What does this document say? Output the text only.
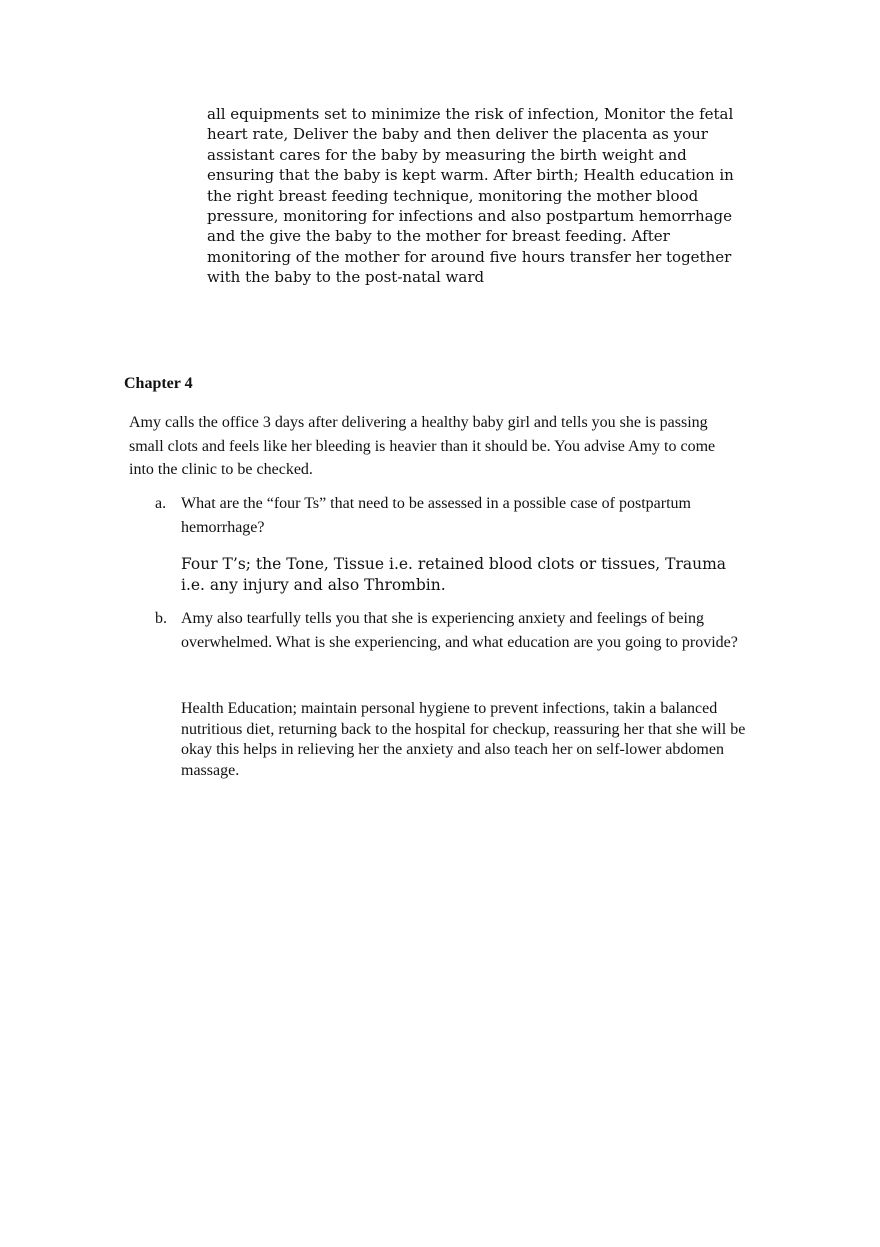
all equipments set to minimize the risk of infection, Monitor the fetal heart rate, Deliver the baby and then deliver the placenta as your assistant cares for the baby by measuring the birth weight and ensuring that the baby is kept warm. After birth; Health education in the right breast feeding technique, monitoring the mother blood pressure, monitoring for infections and also postpartum hemorrhage and the give the baby to the mother for breast feeding. After monitoring of the mother for around five hours transfer her together with the baby to the post-natal ward

Chapter 4

Amy calls the office 3 days after delivering a healthy baby girl and tells you she is passing small clots and feels like her bleeding is heavier than it should be. You advise Amy to come into the clinic to be checked.

a. What are the “four Ts” that need to be assessed in a possible case of postpartum hemorrhage?

Four T’s; the Tone, Tissue i.e. retained blood clots or tissues, Trauma i.e. any injury and also Thrombin.

b. Amy also tearfully tells you that she is experiencing anxiety and feelings of being overwhelmed. What is she experiencing, and what education are you going to provide?

Health Education; maintain personal hygiene to prevent infections, takin a balanced nutritious diet, returning back to the hospital for checkup, reassuring her that she will be okay this helps in relieving her the anxiety and also teach her on self-lower abdomen massage.
